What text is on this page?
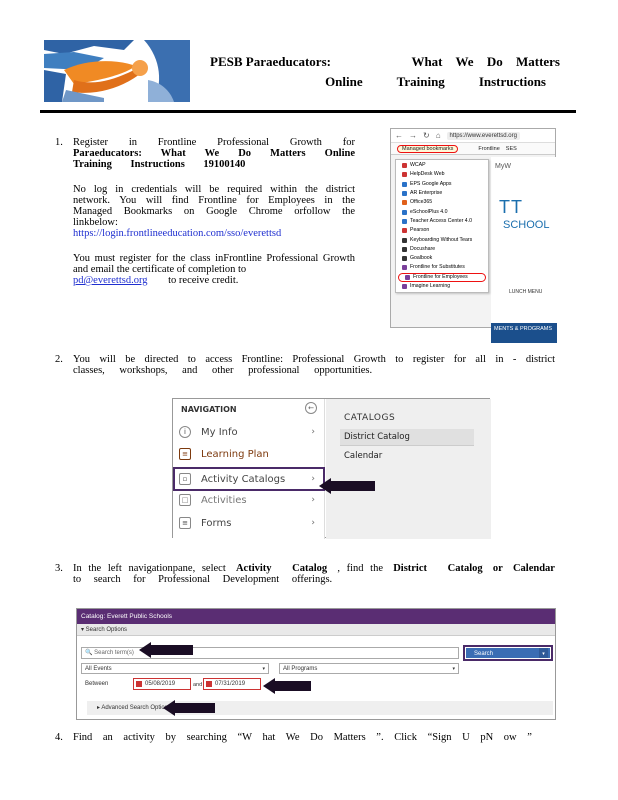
PESB Paraeducators:	What We Do Matters
Online	Training	Instructions
1. Register in Frontline Professional Growth for
Paraeducators: What We Do Matters Online
Training Instructions 19100140
No log in credentials will be required within the district network. You will find Frontline for Employees in the Managed Bookmarks on Google Chrome orfollow the linkbelow:
https://login.frontlineeducation.com/sso/everettsd
You must register for the class inFrontline Professional Growth and email the certificate of completion to
pd@everettsd.org to receive credit.
← → ↻ ⌂	https://www.everettsd.org
Managed bookmarks	Frontline SES
MyW
TT
SCHOOL
LUNCH MENU
MENTS & PROGRAMS
WCAP
HelpDesk Web
EPS Google Apps
AR Enterprise
Office365
eSchoolPlus 4.0
Teacher Access Center 4.0
Pearson
Keyboarding Without Tears
Docushare
Goalbook
Frontline for Substitutes
Frontline for Employees
Imagine Learning
2. You will be directed to access Frontline: Professional Growth to register for all in - district
classes, workshops, and other professional opportunities.
NAVIGATION	←
i	My Info	›
≡	Learning Plan
▫	Activity Catalogs	›
□ Activities	›
≡	Forms	›
CATALOGS
District Catalog
Calendar
3. In the left navigationpane, select Activity Catalog , find the District Catalog or Calendar
to search for Professional Development offerings.
Catalog: Everett Public Schools
▾ Search Options
🔍 Search term(s)	Search	▾
All Events	▾	All Programs	▾
Between	05/08/2019	and	07/31/2019
▸ Advanced Search Options
4. Find an activity by searching “W hat We Do Matters ”. Click “Sign U pN ow ”
